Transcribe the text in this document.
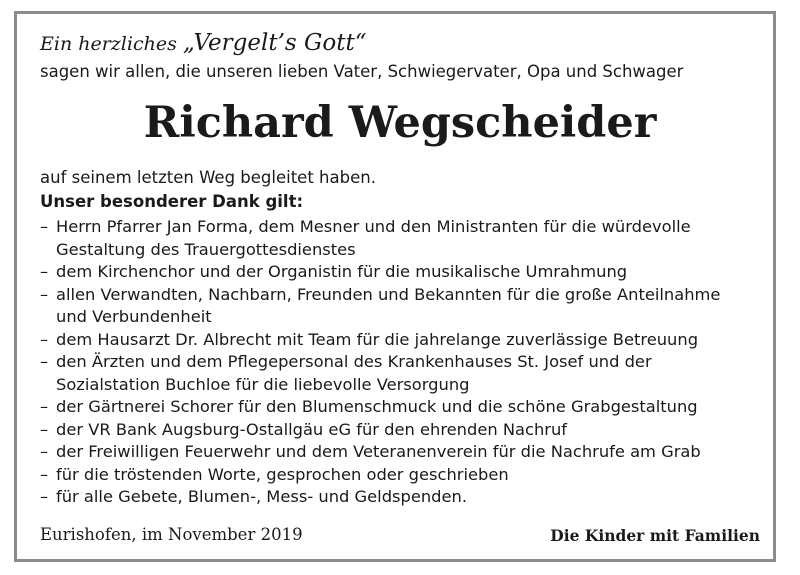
Ein herzliches „Vergelt’s Gott“
sagen wir allen, die unseren lieben Vater, Schwiegervater, Opa und Schwager
Richard Wegscheider
auf seinem letzten Weg begleitet haben.
Unser besonderer Dank gilt:
– Herrn Pfarrer Jan Forma, dem Mesner und den Ministranten für die würdevolle
Gestaltung des Trauergottesdienstes
– dem Kirchenchor und der Organistin für die musikalische Umrahmung
– allen Verwandten, Nachbarn, Freunden und Bekannten für die große Anteilnahme
und Verbundenheit
– dem Hausarzt Dr. Albrecht mit Team für die jahrelange zuverlässige Betreuung
– den Ärzten und dem Pflegepersonal des Krankenhauses St. Josef und der
Sozialstation Buchloe für die liebevolle Versorgung
– der Gärtnerei Schorer für den Blumenschmuck und die schöne Grabgestaltung
– der VR Bank Augsburg-Ostallgäu eG für den ehrenden Nachruf
– der Freiwilligen Feuerwehr und dem Veteranenverein für die Nachrufe am Grab
– für die tröstenden Worte, gesprochen oder geschrieben
– für alle Gebete, Blumen-, Mess- und Geldspenden.
Eurishofen, im November 2019	Die Kinder mit Familien
